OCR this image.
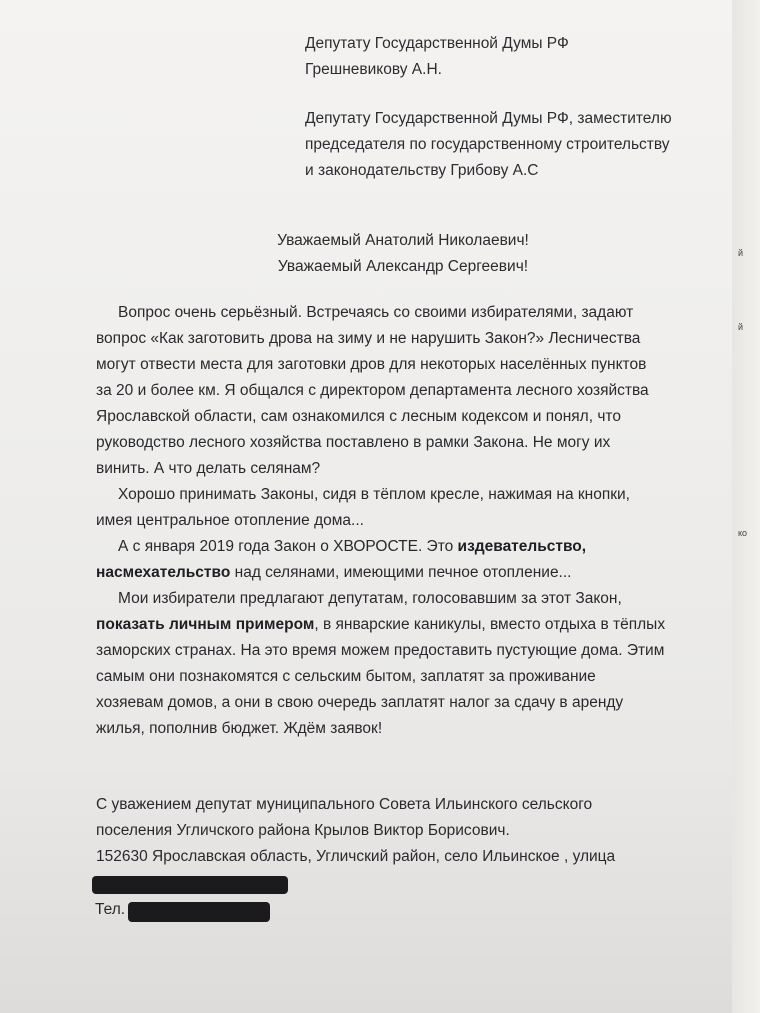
Депутату Государственной Думы РФ
Грешневикову А.Н.
Депутату Государственной Думы РФ, заместителю
председателя по государственному строительству
и законодательству Грибову А.С
Уважаемый Анатолий Николаевич!
Уважаемый Александр Сергеевич!
Вопрос очень серьёзный. Встречаясь со своими избирателями, задают
вопрос «Как заготовить дрова на зиму и не нарушить Закон?» Лесничества
могут отвести места для заготовки дров для некоторых населённых пунктов
за 20 и более км. Я общался с директором департамента лесного хозяйства
Ярославской области, сам ознакомился с лесным кодексом и понял, что
руководство лесного хозяйства поставлено в рамки Закона. Не могу их
винить. А что делать селянам?
Хорошо принимать Законы, сидя в тёплом кресле, нажимая на кнопки,
имея центральное отопление дома...
А с января 2019 года Закон о ХВОРОСТЕ. Это издевательство,
насмехательство над селянами, имеющими печное отопление...
Мои избиратели предлагают депутатам, голосовавшим за этот Закон,
показать личным примером, в январские каникулы, вместо отдыха в тёплых
заморских странах. На это время можем предоставить пустующие дома. Этим
самым они познакомятся с сельским бытом, заплатят за проживание
хозяевам домов, а они в свою очередь заплатят налог за сдачу в аренду
жилья, пополнив бюджет. Ждём заявок!
С уважением депутат муниципального Совета Ильинского сельского
поселения Угличского района Крылов Виктор Борисович.
152630 Ярославская область, Угличский район, село Ильинское , улица
Тел.
й
й
ко
